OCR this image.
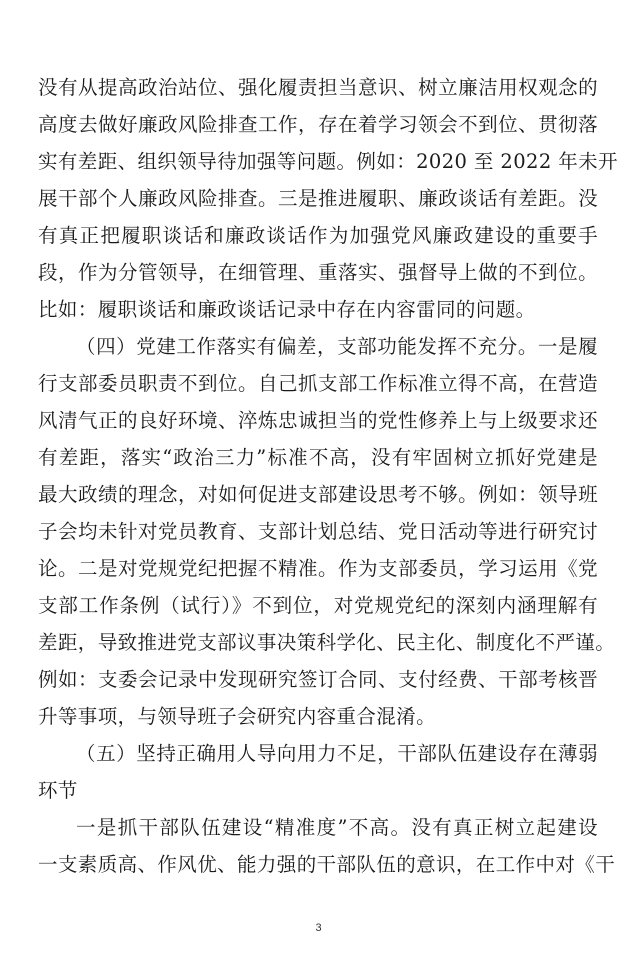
没有从提高政治站位、强化履责担当意识、树立廉洁用权观念的
高度去做好廉政风险排查工作，存在着学习领会不到位、贯彻落
实有差距、组织领导待加强等问题。例如：2020 至 2022 年未开
展干部个人廉政风险排查。三是推进履职、廉政谈话有差距。没
有真正把履职谈话和廉政谈话作为加强党风廉政建设的重要手
段，作为分管领导，在细管理、重落实、强督导上做的不到位。
比如：履职谈话和廉政谈话记录中存在内容雷同的问题。
（四）党建工作落实有偏差，支部功能发挥不充分。一是履
行支部委员职责不到位。自己抓支部工作标准立得不高，在营造
风清气正的良好环境、淬炼忠诚担当的党性修养上与上级要求还
有差距，落实“政治三力”标准不高，没有牢固树立抓好党建是
最大政绩的理念，对如何促进支部建设思考不够。例如：领导班
子会均未针对党员教育、支部计划总结、党日活动等进行研究讨
论。二是对党规党纪把握不精准。作为支部委员，学习运用《党
支部工作条例（试行）》不到位，对党规党纪的深刻内涵理解有
差距，导致推进党支部议事决策科学化、民主化、制度化不严谨。
例如：支委会记录中发现研究签订合同、支付经费、干部考核晋
升等事项，与领导班子会研究内容重合混淆。
（五）坚持正确用人导向用力不足，干部队伍建设存在薄弱
环节
一是抓干部队伍建设“精准度”不高。没有真正树立起建设
一支素质高、作风优、能力强的干部队伍的意识，在工作中对《干
3
